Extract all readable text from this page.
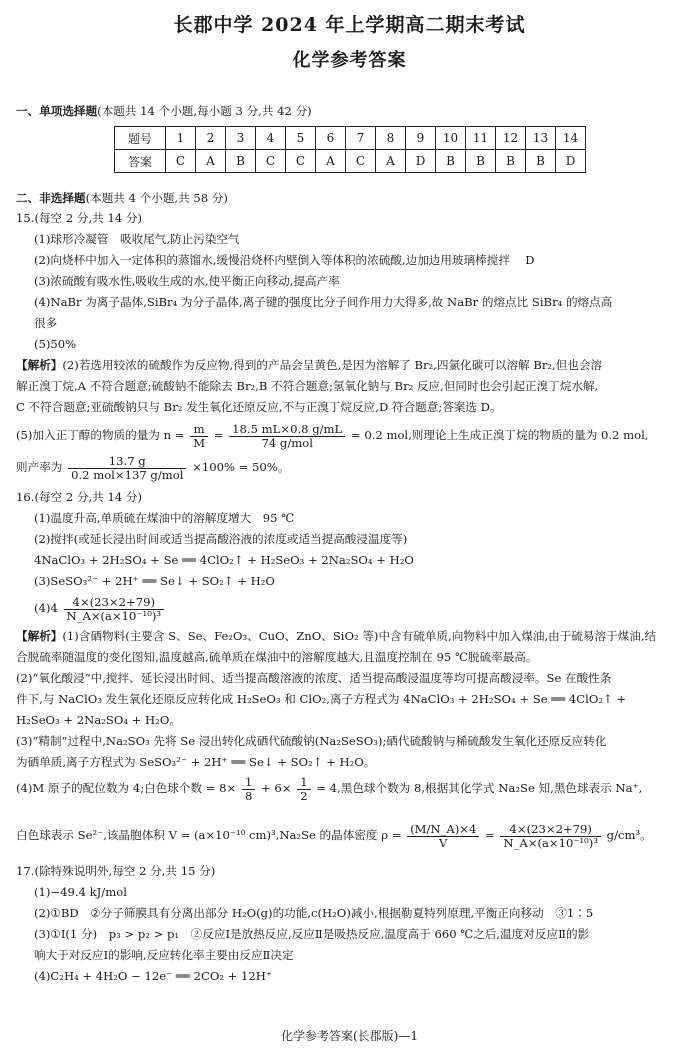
长郡中学 2024 年上学期高二期末考试
化学参考答案
一、单项选择题(本题共 14 个小题,每小题 3 分,共 42 分)
题号	1	2	3	4	5	6	7	8	9	10	11	12	13	14
答案	C	A	B	C	C	A	C	A	D	B	B	B	B	D
二、非选择题(本题共 4 个小题,共 58 分)
15.(每空 2 分,共 14 分)
(1)球形冷凝管　吸收尾气,防止污染空气
(2)向烧杯中加入一定体积的蒸馏水,缓慢沿烧杯内壁倒入等体积的浓硫酸,边加边用玻璃棒搅拌　 D
(3)浓硫酸有吸水性,吸收生成的水,使平衡正向移动,提高产率
(4)NaBr 为离子晶体,SiBr₄ 为分子晶体,离子键的强度比分子间作用力大得多,故 NaBr 的熔点比 SiBr₄ 的熔点高
很多
(5)50%
【解析】(2)若选用较浓的硫酸作为反应物,得到的产品会呈黄色,是因为溶解了 Br₂,四氯化碳可以溶解 Br₂,但也会溶
解正溴丁烷,A 不符合题意;硫酸钠不能除去 Br₂,B 不符合题意;氢氧化钠与 Br₂ 反应,但同时也会引起正溴丁烷水解,
C 不符合题意;亚硫酸钠只与 Br₂ 发生氧化还原反应,不与正溴丁烷反应,D 符合题意;答案选 D。
(5)加入正丁醇的物质的量为 $n = \frac{m}{M} = \frac{18.5 mL\times 0.8 g/mL}{\text{74 g/mol}} = 0.2$ mol,则理论上生成正溴丁烷的物质的量为 0.2 mol,
则产率为 $\frac{13.7 g}{\text{0.2 mol×137 g/mol}} \times 100\% = 50\%$。
16.(每空 2 分,共 14 分)
(1)温度升高,单质硫在煤油中的溶解度增大　95 ℃
(2)搅拌(或延长浸出时间或适当提高酸浴液的浓度或适当提高酸浸温度等)
4NaClO₃ + 2H₂SO₄ + Se ══ 4ClO₂↑ + H₂SeO₃ + 2Na₂SO₄ + H₂O
(3)SeSO₃²⁻ + 2H⁺ ══ Se↓ + SO₂↑ + H₂O
$(4)4 \frac{4\times(23\times 2+79)}{\text{N\_A×(a×10⁻¹⁰)³}}$
【解析】(1)含硒物料(主要含 S、Se、Fe₂O₃、CuO、ZnO、SiO₂ 等)中含有硫单质,向物料中加入煤油,由于硫易溶于煤油,结
合脱硫率随温度的变化图知,温度越高,硫单质在煤油中的溶解度越大,且温度控制在 95 ℃脱硫率最高。
(2)“氧化酸浸”中,搅拌、延长浸出时间、适当提高酸溶液的浓度、适当提高酸浸温度等均可提高酸浸率。Se 在酸性条
件下,与 NaClO₃ 发生氧化还原反应转化成 H₂SeO₃ 和 ClO₂,离子方程式为 4NaClO₃ + 2H₂SO₄ + Se ══ 4ClO₂↑ +
H₂SeO₃ + 2Na₂SO₄ + H₂O。
(3)“精制”过程中,Na₂SO₃ 先将 Se 浸出转化成硒代硫酸钠(Na₂SeSO₃);硒代硫酸钠与稀硫酸发生氧化还原反应转化
为硒单质,离子方程式为 SeSO₃²⁻ + 2H⁺ ══ Se↓ + SO₂↑ + H₂O。
(4)M 原子的配位数为 4;白色球个数 = $8\times \frac{1}{8} + 6\times \frac{1}{2} = 4$,黑色球个数为 8,根据其化学式 Na₂Se 知,黑色球表示 Na⁺,
白色球表示 Se²⁻,该晶胞体积 V = (a×10⁻¹⁰ cm)³,Na₂Se 的晶体密度 $\rho = \frac{(M/N\_A)\times 4}{V} = \frac{4\times(23\times 2+79)}{\text{N\_A×(a×10⁻¹⁰)³}} g/cm^3$。
17.(除特殊说明外,每空 2 分,共 15 分)
(1)−49.4 kJ/mol
(2)①BD　②分子筛膜具有分离出部分 H₂O(g)的功能,c(H₂O)减小,根据勒夏特列原理,平衡正向移动　③1∶5
(3)①Ⅰ(1 分)　p₃ > p₂ > p₁　②反应Ⅰ是放热反应,反应Ⅱ是吸热反应,温度高于 660 ℃之后,温度对反应Ⅱ的影
响大于对反应Ⅰ的影响,反应转化率主要由反应Ⅱ决定
(4)C₂H₄ + 4H₂O − 12e⁻ ══ 2CO₂ + 12H⁺
化学参考答案(长郡版)—1
